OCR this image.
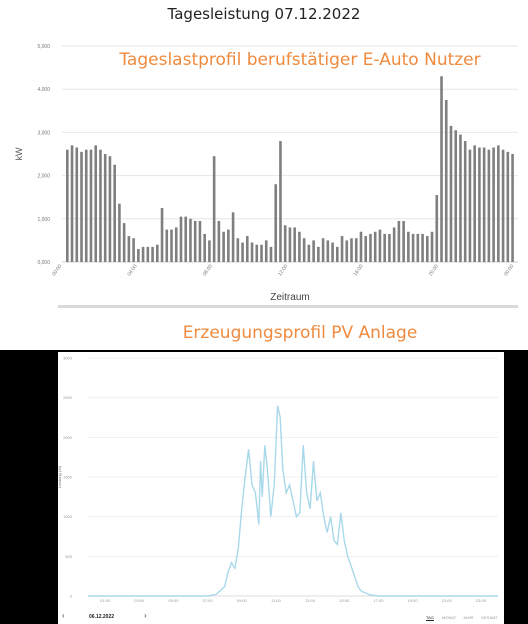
Tagesleistung 07.12.2022
0,000
1,000
2,000
3,000
4,000
5,000
00:00	04:00	08:00	12:00	16:00	20:00	00:00
kW
Zeitraum
Tageslastprofil berufstätiger E-Auto Nutzer
0
500
1000
1500
2000
2500
3000
01:00	03:00	05:00	07:00	09:00	11:00	13:00	15:00	17:00	19:00	21:00	23:00
Leistung (W)
Erzeugungsprofil PV Anlage
‹	06.12.2022	›	TAG MONAT JAHR GESAMT
